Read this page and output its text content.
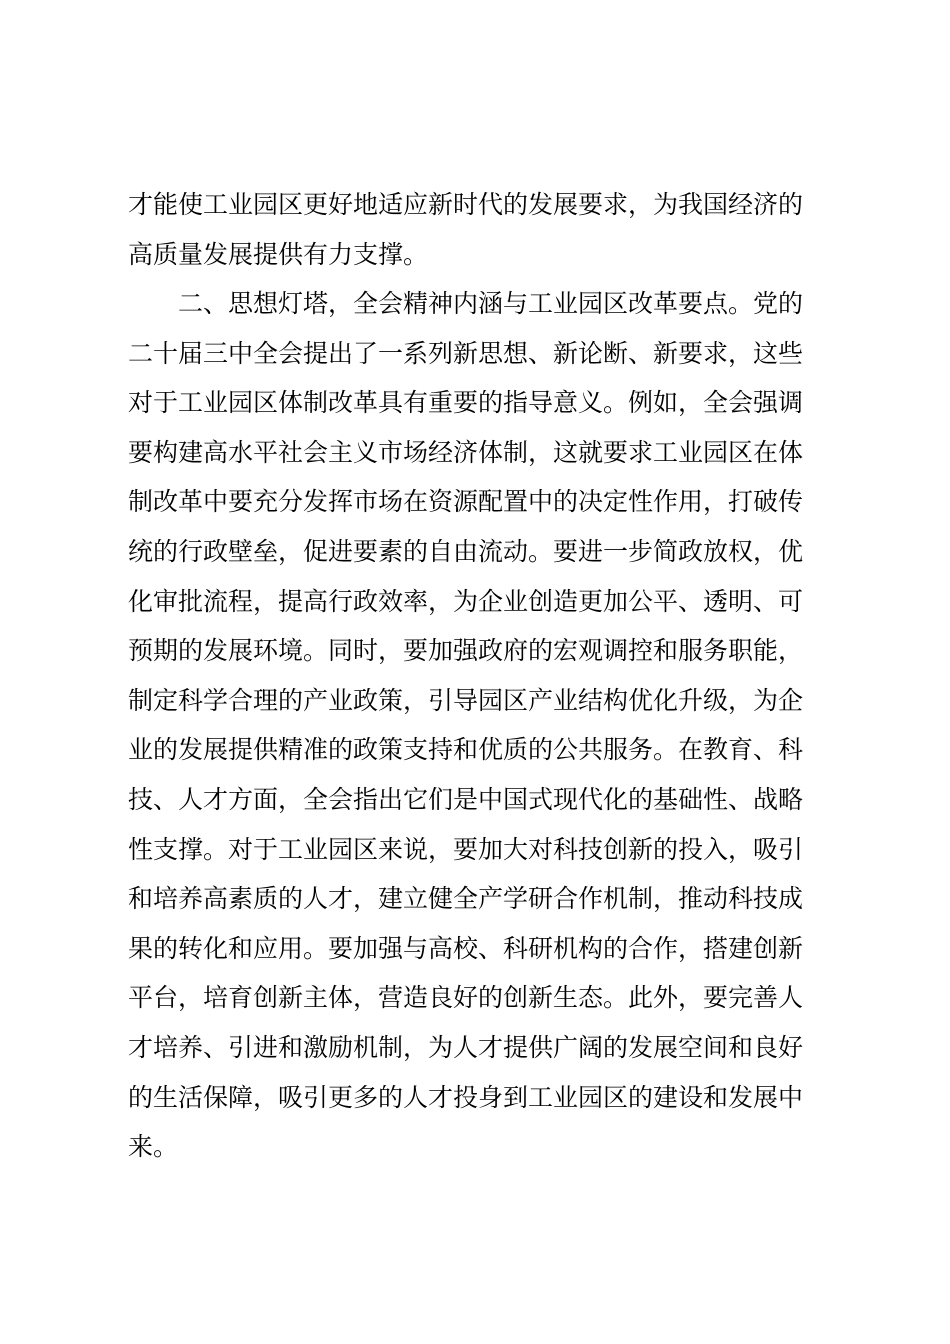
才能使工业园区更好地适应新时代的发展要求，为我国经济的
高质量发展提供有力支撑。
二、思想灯塔，全会精神内涵与工业园区改革要点。党的
二十届三中全会提出了一系列新思想、新论断、新要求，这些
对于工业园区体制改革具有重要的指导意义。例如，全会强调
要构建高水平社会主义市场经济体制，这就要求工业园区在体
制改革中要充分发挥市场在资源配置中的决定性作用，打破传
统的行政壁垒，促进要素的自由流动。要进一步简政放权，优
化审批流程，提高行政效率，为企业创造更加公平、透明、可
预期的发展环境。同时，要加强政府的宏观调控和服务职能，
制定科学合理的产业政策，引导园区产业结构优化升级，为企
业的发展提供精准的政策支持和优质的公共服务。在教育、科
技、人才方面，全会指出它们是中国式现代化的基础性、战略
性支撑。对于工业园区来说，要加大对科技创新的投入，吸引
和培养高素质的人才，建立健全产学研合作机制，推动科技成
果的转化和应用。要加强与高校、科研机构的合作，搭建创新
平台，培育创新主体，营造良好的创新生态。此外，要完善人
才培养、引进和激励机制，为人才提供广阔的发展空间和良好
的生活保障，吸引更多的人才投身到工业园区的建设和发展中
来。
